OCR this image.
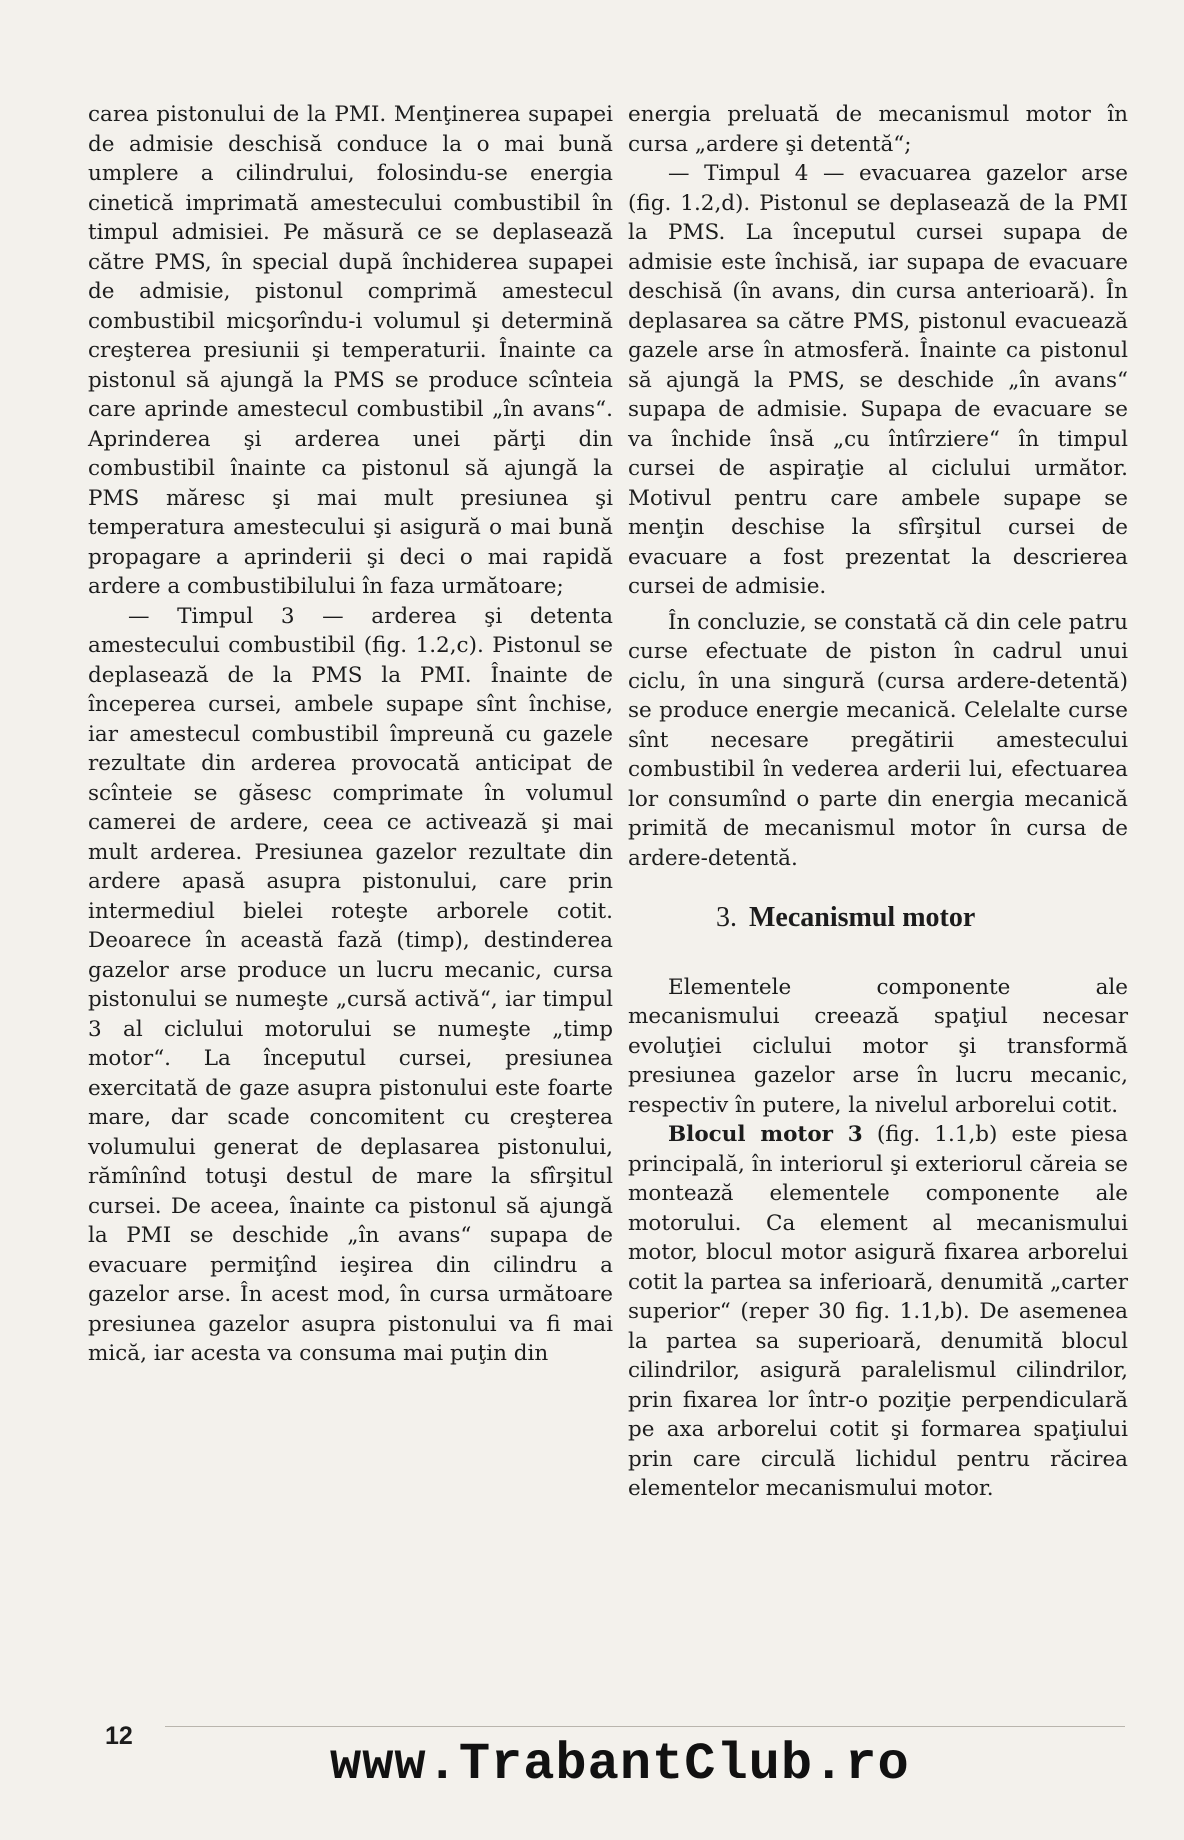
carea pistonului de la PMI. Menţinerea supapei de admisie deschisă conduce la o mai bună umplere a cilindrului, folosindu-se energia cinetică imprimată amestecului combustibil în timpul admisiei. Pe măsură ce se deplasează către PMS, în special după închiderea supapei de admisie, pistonul comprimă amestecul combustibil micşorîndu-i volumul şi determină creşterea presiunii şi temperaturii. Înainte ca pistonul să ajungă la PMS se produce scînteia care aprinde amestecul combustibil „în avans“. Aprinderea şi arderea unei părţi din combustibil înainte ca pistonul să ajungă la PMS măresc şi mai mult presiunea şi temperatura amestecului şi asigură o mai bună propagare a aprinderii şi deci o mai rapidă ardere a combustibilului în faza următoare;

— Timpul 3 — arderea şi detenta amestecului combustibil (fig. 1.2,c). Pistonul se deplasează de la PMS la PMI. Înainte de începerea cursei, ambele supape sînt închise, iar amestecul combustibil împreună cu gazele rezultate din arderea provocată anticipat de scînteie se găsesc comprimate în volumul camerei de ardere, ceea ce activează şi mai mult arderea. Presiunea gazelor rezultate din ardere apasă asupra pistonului, care prin intermediul bielei roteşte arborele cotit. Deoarece în această fază (timp), destinderea gazelor arse produce un lucru mecanic, cursa pistonului se numeşte „cursă activă“, iar timpul 3 al ciclului motorului se numeşte „timp motor“. La începutul cursei, presiunea exercitată de gaze asupra pistonului este foarte mare, dar scade concomitent cu creşterea volumului generat de deplasarea pistonului, rămînînd totuşi destul de mare la sfîrşitul cursei. De aceea, înainte ca pistonul să ajungă la PMI se deschide „în avans“ supapa de evacuare permiţînd ieşirea din cilindru a gazelor arse. În acest mod, în cursa următoare presiunea gazelor asupra pistonului va fi mai mică, iar acesta va consuma mai puţin din

energia preluată de mecanismul motor în cursa „ardere şi detentă“;

— Timpul 4 — evacuarea gazelor arse (fig. 1.2,d). Pistonul se deplasează de la PMI la PMS. La începutul cursei supapa de admisie este închisă, iar supapa de evacuare deschisă (în avans, din cursa anterioară). În deplasarea sa către PMS, pistonul evacuează gazele arse în atmosferă. Înainte ca pistonul să ajungă la PMS, se deschide „în avans“ supapa de admisie. Supapa de evacuare se va închide însă „cu întîrziere“ în timpul cursei de aspiraţie al ciclului următor. Motivul pentru care ambele supape se menţin deschise la sfîrşitul cursei de evacuare a fost prezentat la descrierea cursei de admisie.

În concluzie, se constată că din cele patru curse efectuate de piston în cadrul unui ciclu, în una singură (cursa ardere-detentă) se produce energie mecanică. Celelalte curse sînt necesare pregătirii amestecului combustibil în vederea arderii lui, efectuarea lor consumînd o parte din energia mecanică primită de mecanismul motor în cursa de ardere-detentă.

3. Mecanismul motor

Elementele componente ale mecanismului creează spaţiul necesar evoluţiei ciclului motor şi transformă presiunea gazelor arse în lucru mecanic, respectiv în putere, la nivelul arborelui cotit.

Blocul motor 3 (fig. 1.1,b) este piesa principală, în interiorul şi exteriorul căreia se montează elementele componente ale motorului. Ca element al mecanismului motor, blocul motor asigură fixarea arborelui cotit la partea sa inferioară, denumită „carter superior“ (reper 30 fig. 1.1,b). De asemenea la partea sa superioară, denumită blocul cilindrilor, asigură paralelismul cilindrilor, prin fixarea lor într-o poziţie perpendiculară pe axa arborelui cotit şi formarea spaţiului prin care circulă lichidul pentru răcirea elementelor mecanismului motor.

12	www.TrabantClub.ro
